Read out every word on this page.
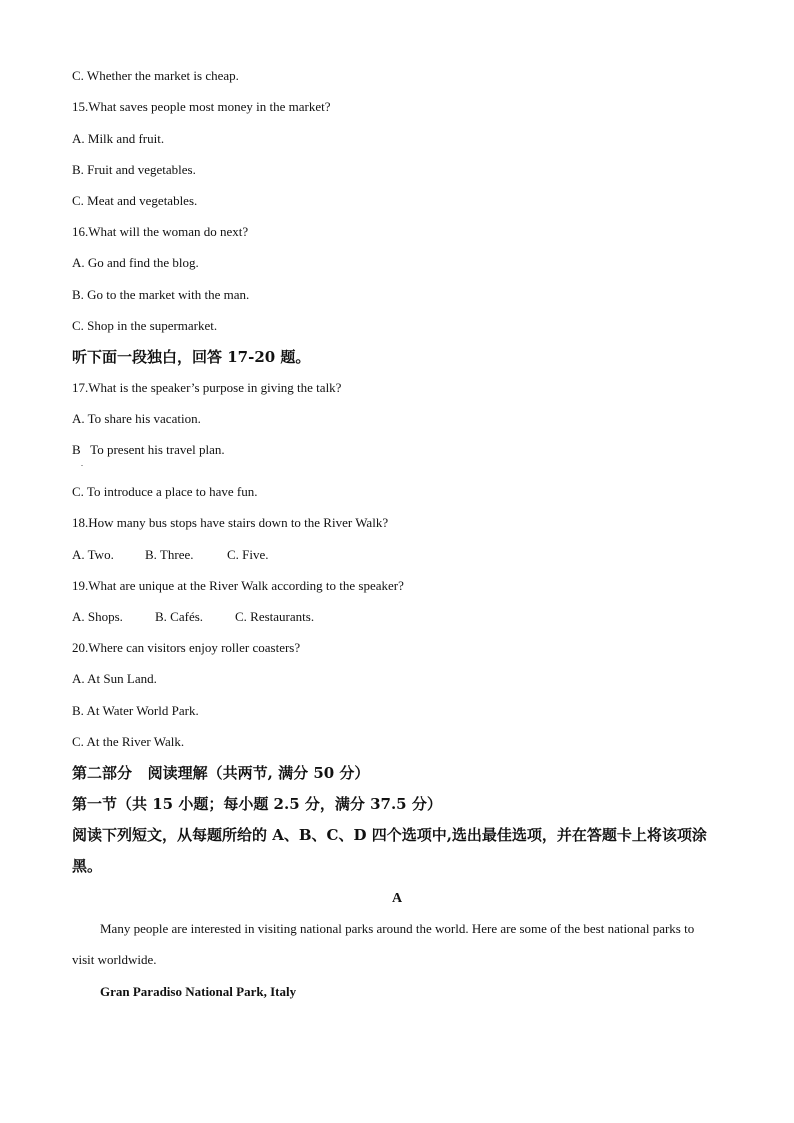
C. Whether the market is cheap.
15.What saves people most money in the market?
A. Milk and fruit.
B. Fruit and vegetables.
C. Meat and vegetables.
16.What will the woman do next?
A. Go and find the blog.
B. Go to the market with the man.
C. Shop in the supermarket.
听下面一段独白，回答 17-20 题。
17.What is the speaker’s purpose in giving the talk?
A. To share his vacation.
B   To present his travel plan.
.
C. To introduce a place to have fun.
18.How many bus stops have stairs down to the River Walk?
A. Two. B. Three.	C. Five.
19.What are unique at the River Walk according to the speaker?
A. Shops. B. Cafés. C. Restaurants.
20.Where can visitors enjoy roller coasters?
A. At Sun Land.
B. At Water World Park.
C. At the River Walk.
第二部分   阅读理解（共两节, 满分 50 分）
第一节（共 15 小题；每小题 2.5 分，满分 37.5 分）
阅读下列短文，从每题所给的 A、B、C、D 四个选项中,选出最佳选项，并在答题卡上将该项涂黑。
A
Many people are interested in visiting national parks around the world. Here are some of the best national parks to visit worldwide.
Gran Paradiso National Park, Italy
